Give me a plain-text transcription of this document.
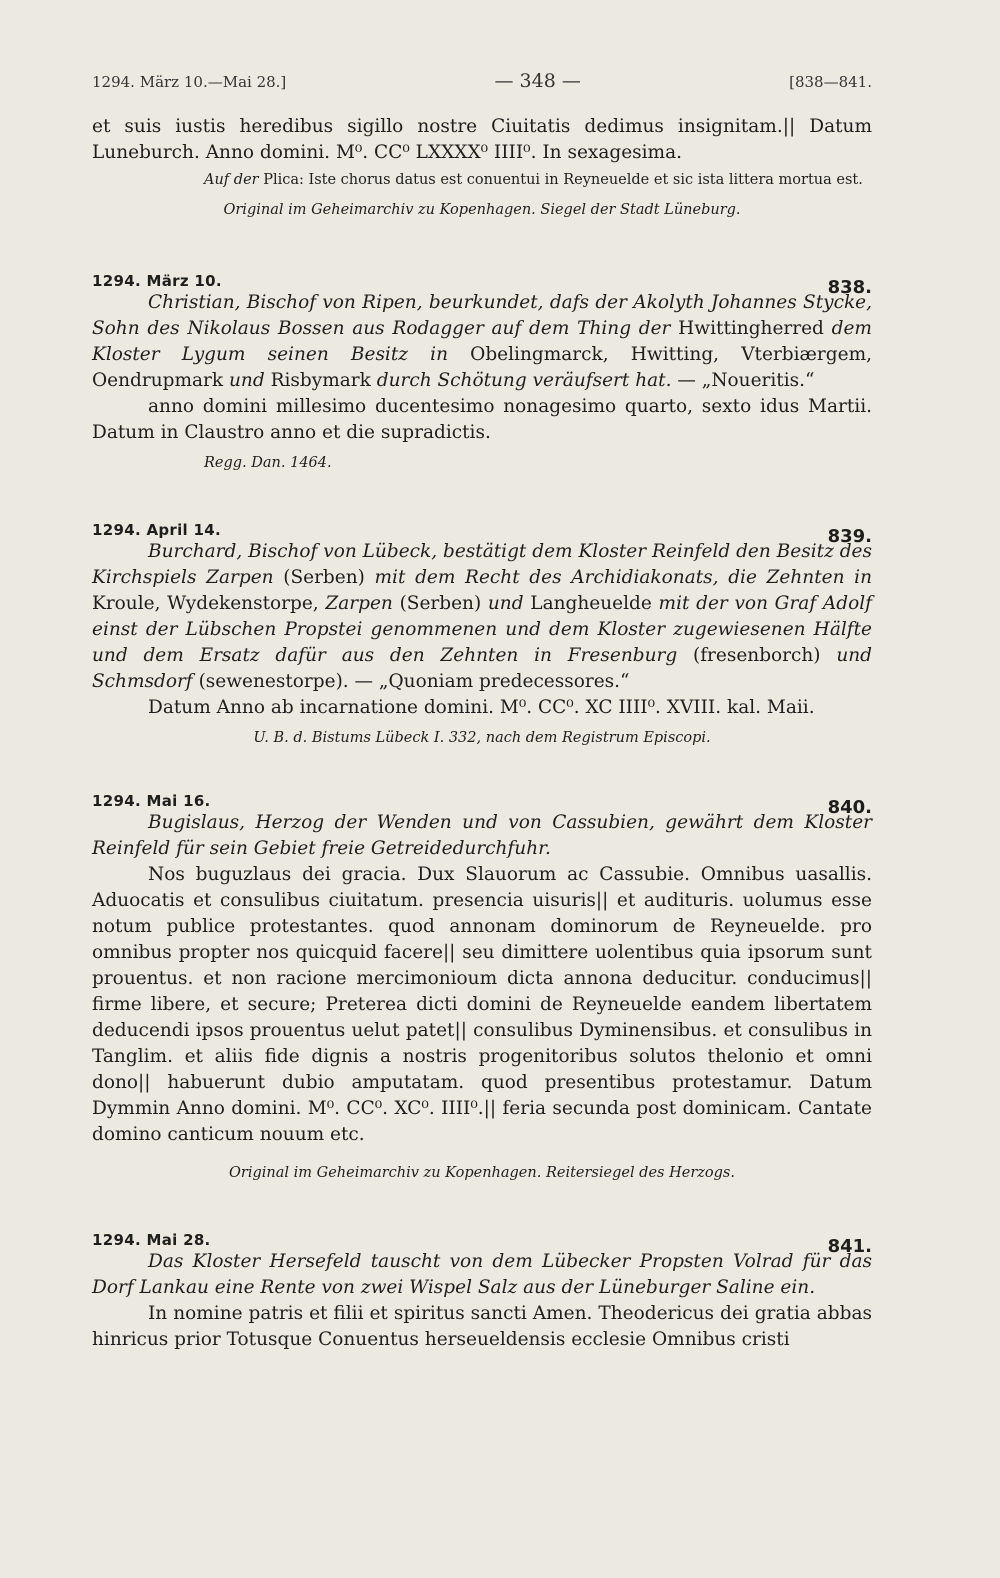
1294. März 10.—Mai 28.]	— 348 —	[838—841.

et suis iustis heredibus sigillo nostre Ciuitatis dedimus insignitam.|| Datum Luneburch. Anno domini. M⁰. CC⁰ LXXXX⁰ IIII⁰. In sexagesima.

Auf der Plica: Iste chorus datus est conuentui in Reyneuelde et sic ista littera mortua est.

Original im Geheimarchiv zu Kopenhagen. Siegel der Stadt Lüneburg.

1294. März 10.	838.

Christian, Bischof von Ripen, beurkundet, dafs der Akolyth Johannes Stycke, Sohn des Nikolaus Bossen aus Rodagger auf dem Thing der Hwittingherred dem Kloster Lygum seinen Besitz in Obelingmarck, Hwitting, Vterbiærgem, Oendrupmark und Risbymark durch Schötung veräufsert hat. — „Noueritis.“

anno domini millesimo ducentesimo nonagesimo quarto, sexto idus Martii. Datum in Claustro anno et die supradictis.

Regg. Dan. 1464.

1294. April 14.	839.

Burchard, Bischof von Lübeck, bestätigt dem Kloster Reinfeld den Besitz des Kirchspiels Zarpen (Serben) mit dem Recht des Archidiakonats, die Zehnten in Kroule, Wydekenstorpe, Zarpen (Serben) und Langheuelde mit der von Graf Adolf einst der Lübschen Propstei genommenen und dem Kloster zugewiesenen Hälfte und dem Ersatz dafür aus den Zehnten in Fresenburg (fresenborch) und Schmsdorf (sewenestorpe). — „Quoniam predecessores.“

Datum Anno ab incarnatione domini. M⁰. CC⁰. XC IIII⁰. XVIII. kal. Maii.

U. B. d. Bistums Lübeck I. 332, nach dem Registrum Episcopi.

1294. Mai 16.	840.

Bugislaus, Herzog der Wenden und von Cassubien, gewährt dem Kloster Reinfeld für sein Gebiet freie Getreidedurchfuhr.

Nos buguzlaus dei gracia. Dux Slauorum ac Cassubie. Omnibus uasallis. Aduocatis et consulibus ciuitatum. presencia uisuris|| et audituris. uolumus esse notum publice protestantes. quod annonam dominorum de Reyneuelde. pro omnibus propter nos quicquid facere|| seu dimittere uolentibus quia ipsorum sunt prouentus. et non racione mercimonioum dicta annona deducitur. conducimus|| firme libere, et secure; Preterea dicti domini de Reyneuelde eandem libertatem deducendi ipsos prouentus uelut patet|| consulibus Dyminensibus. et consulibus in Tanglim. et aliis fide dignis a nostris progenitoribus solutos thelonio et omni dono|| habuerunt dubio amputatam. quod presentibus protestamur. Datum Dymmin Anno domini. M⁰. CC⁰. XC⁰. IIII⁰.|| feria secunda post dominicam. Cantate domino canticum nouum etc.

Original im Geheimarchiv zu Kopenhagen. Reitersiegel des Herzogs.

1294. Mai 28.	841.

Das Kloster Hersefeld tauscht von dem Lübecker Propsten Volrad für das Dorf Lankau eine Rente von zwei Wispel Salz aus der Lüneburger Saline ein.

In nomine patris et filii et spiritus sancti Amen. Theodericus dei gratia abbas hinricus prior Totusque Conuentus herseueldensis ecclesie Omnibus cristi
